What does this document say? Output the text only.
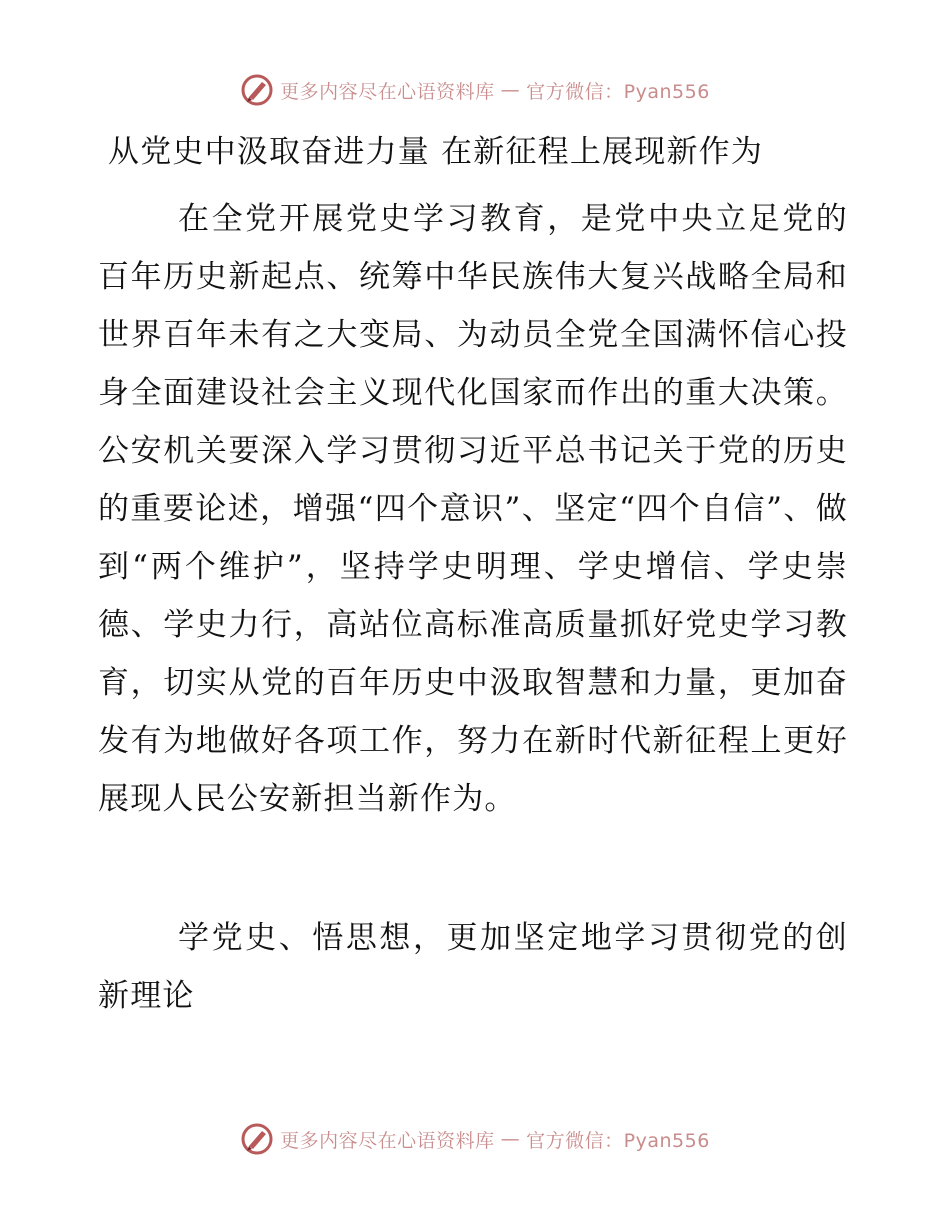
更多内容尽在心语资料库 — 官方微信：Pyan556
从党史中汲取奋进力量 在新征程上展现新作为

在全党开展党史学习教育，是党中央立足党的百年历史新起点、统筹中华民族伟大复兴战略全局和世界百年未有之大变局、为动员全党全国满怀信心投身全面建设社会主义现代化国家而作出的重大决策。公安机关要深入学习贯彻习近平总书记关于党的历史的重要论述，增强“四个意识”、坚定“四个自信”、做到“两个维护”，坚持学史明理、学史增信、学史崇德、学史力行，高站位高标准高质量抓好党史学习教育，切实从党的百年历史中汲取智慧和力量，更加奋发有为地做好各项工作，努力在新时代新征程上更好展现人民公安新担当新作为。

学党史、悟思想，更加坚定地学习贯彻党的创新理论

更多内容尽在心语资料库 — 官方微信：Pyan556
